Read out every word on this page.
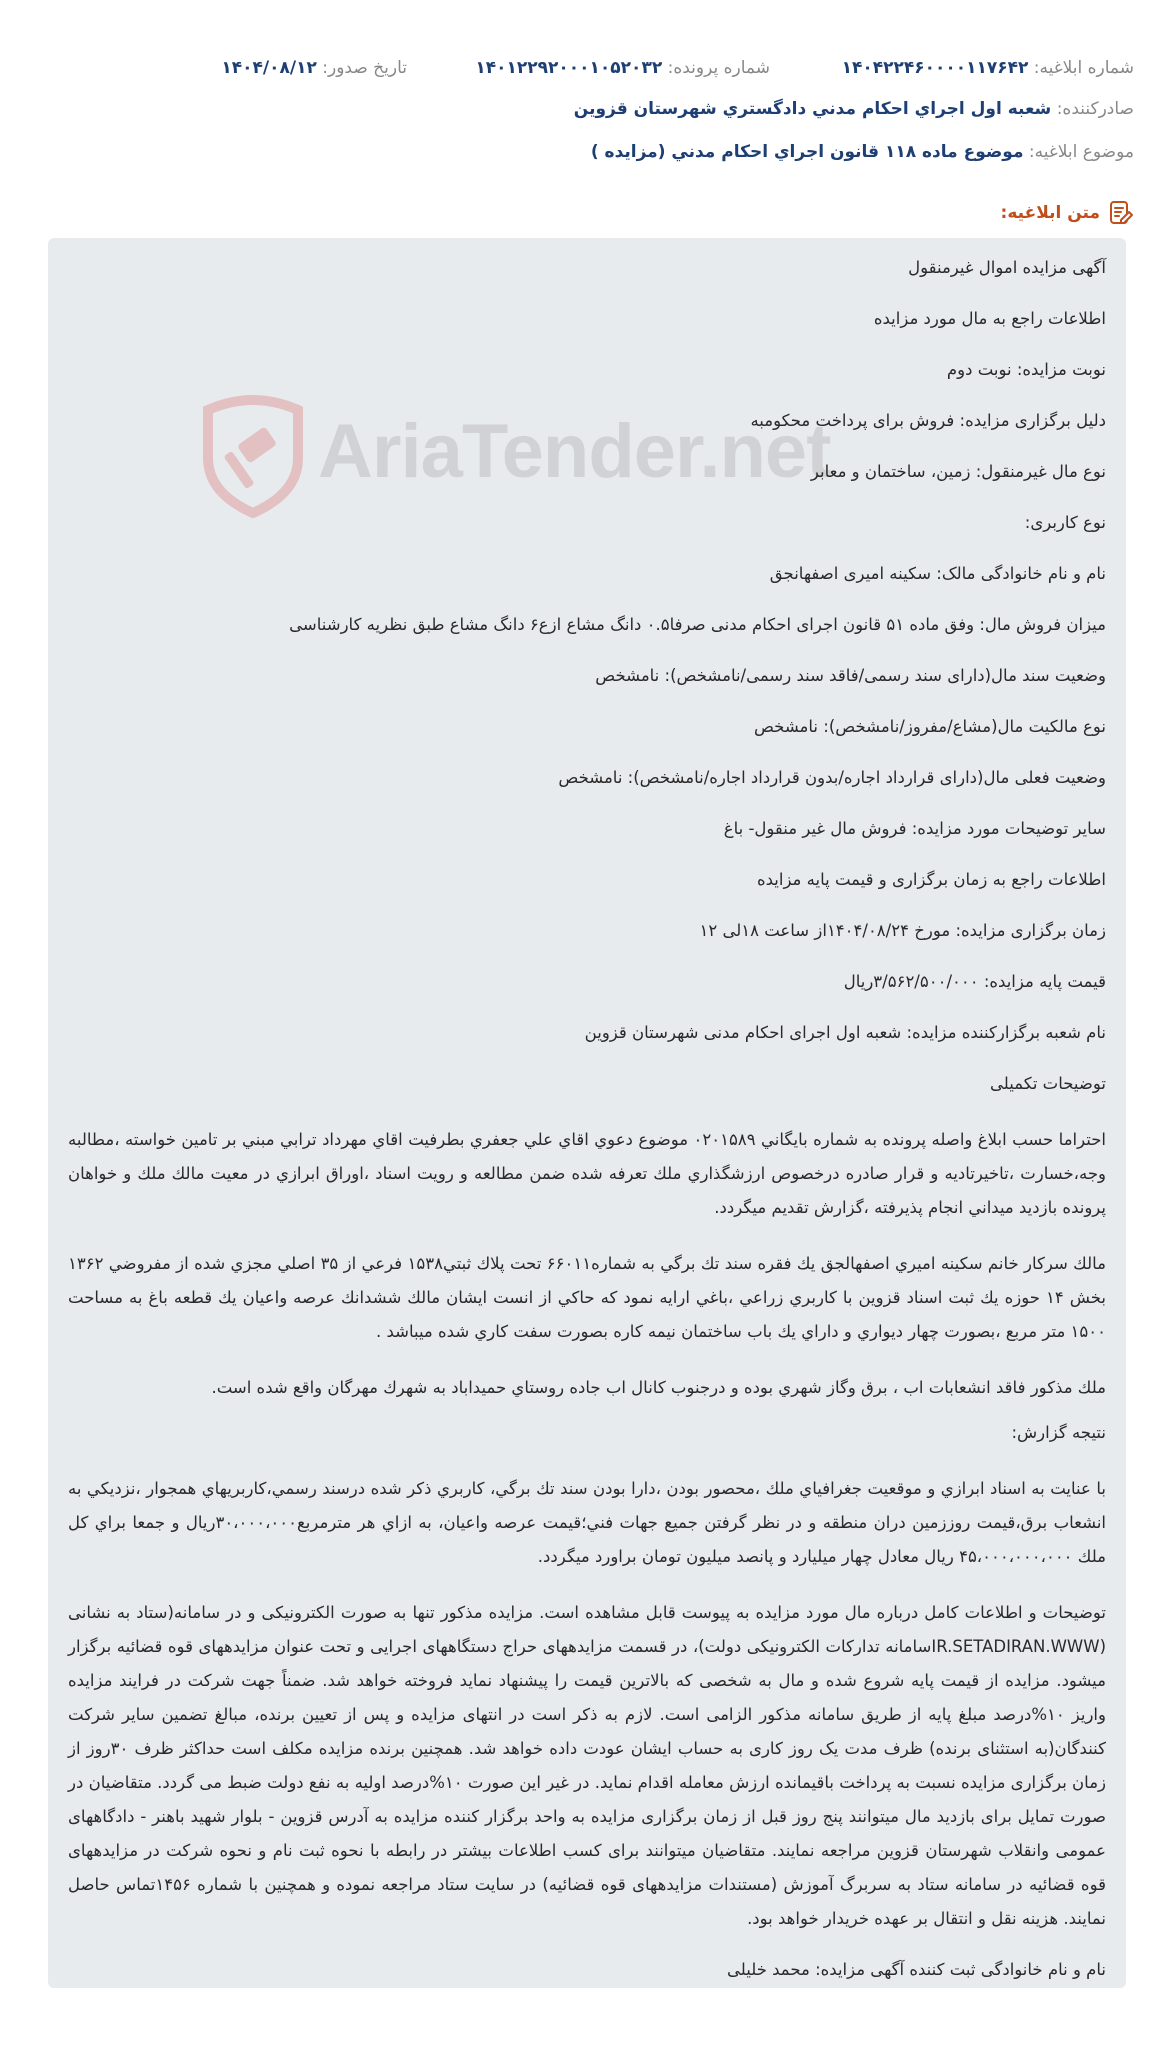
شماره ابلاغیه: ۱۴۰۴۲۲۴۶۰۰۰۰۱۱۷۶۴۲
شماره پرونده: ۱۴۰۱۲۲۹۲۰۰۰۱۰۵۲۰۳۲
تاریخ صدور: ۱۴۰۴/۰۸/۱۲
صادرکننده: شعبه اول اجراي احكام مدني دادگستري شهرستان قزوين
موضوع ابلاغیه: موضوع ماده ۱۱۸ قانون اجراي احكام مدني (مزايده )
متن ابلاغیه:
AriaTender.net
آگهی مزایده اموال غیرمنقول
اطلاعات راجع به مال مورد مزایده
نوبت مزایده: نوبت دوم
دلیل برگزاری مزایده: فروش برای پرداخت محکومبه
نوع مال غیرمنقول: زمین، ساختمان و معابر
نوع کاربری:
نام و نام خانوادگی مالک: سکینه امیری اصفهانجق
میزان فروش مال: وفق ماده ۵۱ قانون اجرای احکام مدنی صرفا۰.۵ دانگ مشاع ازع۶ دانگ مشاع طبق نظریه کارشناسی
وضعیت سند مال(دارای سند رسمی/فاقد سند رسمی/نامشخص): نامشخص
نوع مالکیت مال(مشاع/مفروز/نامشخص): نامشخص
وضعیت فعلی مال(دارای قرارداد اجاره/بدون قرارداد اجاره/نامشخص): نامشخص
سایر توضیحات مورد مزایده: فروش مال غیر منقول- باغ
اطلاعات راجع به زمان برگزاری و قیمت پایه مزایده
زمان برگزاری مزایده: مورخ ۱۴۰۴/۰۸/۲۴از ساعت ۱۸لی ۱۲
قیمت پایه مزایده: ۳/۵۶۲/۵۰۰/۰۰۰ریال
نام شعبه برگزارکننده مزایده: شعبه اول اجرای احکام مدنی شهرستان قزوین
توضیحات تکمیلی
احتراما حسب ابلاغ واصله پرونده به شماره بايگاني ۰۲۰۱۵۸۹ موضوع دعوي اقاي علي جعفري بطرفيت اقاي مهرداد ترابي مبني بر تامين خواسته ،مطالبه وجه،خسارت ،تاخيرتاديه و قرار صادره درخصوص ارزشگذاري ملك تعرفه شده ضمن مطالعه و رويت اسناد ،اوراق ابرازي در معيت مالك ملك و خواهان پرونده بازديد ميداني انجام پذيرفته ،گزارش تقديم ميگردد.
مالك سركار خانم سكينه اميري اصفهالجق يك فقره سند تك برگي به شماره۶۶۰۱۱ تحت پلاك ثبتي۱۵۳۸ فرعي از ۳۵ اصلي مجزي شده از مفروضي ۱۳۶۲ بخش ۱۴ حوزه يك ثبت اسناد قزوين با كاربري زراعي ،باغي ارايه نمود كه حاكي از انست ايشان مالك ششدانك عرصه واعيان يك قطعه باغ به مساحت ۱۵۰۰ متر مربع ،بصورت چهار ديواري و داراي يك باب ساختمان نيمه كاره بصورت سفت كاري شده ميباشد .
ملك مذكور فاقد انشعابات اب ، برق وگاز شهري بوده و درجنوب كانال اب جاده روستاي حميداباد به شهرك مهرگان واقع شده است.
نتيجه گزارش:
با عنايت به اسناد ابرازي و موقعيت جغرافياي ملك ،محصور بودن ،دارا بودن سند تك برگي، كاربري ذكر شده درسند رسمي،كاربريهاي همجوار ،نزديكي به انشعاب برق،قيمت روززمين دران منطقه و در نظر گرفتن جميع جهات فني؛قيمت عرصه واعيان، به ازاي هر مترمربع۳۰،۰۰۰،۰۰۰ريال و جمعا براي كل ملك ۴۵،۰۰۰،۰۰۰،۰۰۰ ريال معادل چهار ميليارد و پانصد ميليون تومان براورد ميگردد.
توضیحات و اطلاعات کامل درباره مال مورد مزایده به پیوست قابل مشاهده است. مزایده مذکور تنها به صورت الکترونیکی و در سامانه(ستاد به نشانی (IR.SETADIRAN.WWWسامانه تدارکات الکترونیکی دولت)، در قسمت مزایدههای حراج دستگاههای اجرایی و تحت عنوان مزایدههای قوه قضائیه برگزار میشود. مزایده از قیمت پایه شروع شده و مال به شخصی که بالاترین قیمت را پیشنهاد نماید فروخته خواهد شد. ضمناً جهت شرکت در فرایند مزایده واریز ۱۰%درصد مبلغ پایه از طریق سامانه مذکور الزامی است. لازم به ذکر است در انتهای مزایده و پس از تعیین برنده، مبالغ تضمین سایر شرکت کنندگان(به استثنای برنده) ظرف مدت یک روز کاری به حساب ایشان عودت داده خواهد شد. همچنین برنده مزایده مکلف است حداکثر ظرف ۳۰روز از زمان برگزاری مزایده نسبت به پرداخت باقیمانده ارزش معامله اقدام نماید. در غیر این صورت ۱۰%درصد اولیه به نفع دولت ضبط می گردد. متقاضیان در صورت تمایل برای بازدید مال میتوانند پنج روز قبل از زمان برگزاری مزایده به واحد برگزار کننده مزایده به آدرس قزوین - بلوار شهید باهنر - دادگاههای عمومی وانقلاب شهرستان قزوین مراجعه نمایند. متقاضیان میتوانند برای کسب اطلاعات بیشتر در رابطه با نحوه ثبت نام و نحوه شرکت در مزایدههای قوه قضائیه در سامانه ستاد به سربرگ آموزش (مستندات مزایدههای قوه قضائیه) در سایت ستاد مراجعه نموده و همچنین با شماره ۱۴۵۶تماس حاصل نمایند. هزینه نقل و انتقال بر عهده خریدار خواهد بود.
نام و نام خانوادگی ثبت کننده آگهی مزایده: محمد خلیلی
